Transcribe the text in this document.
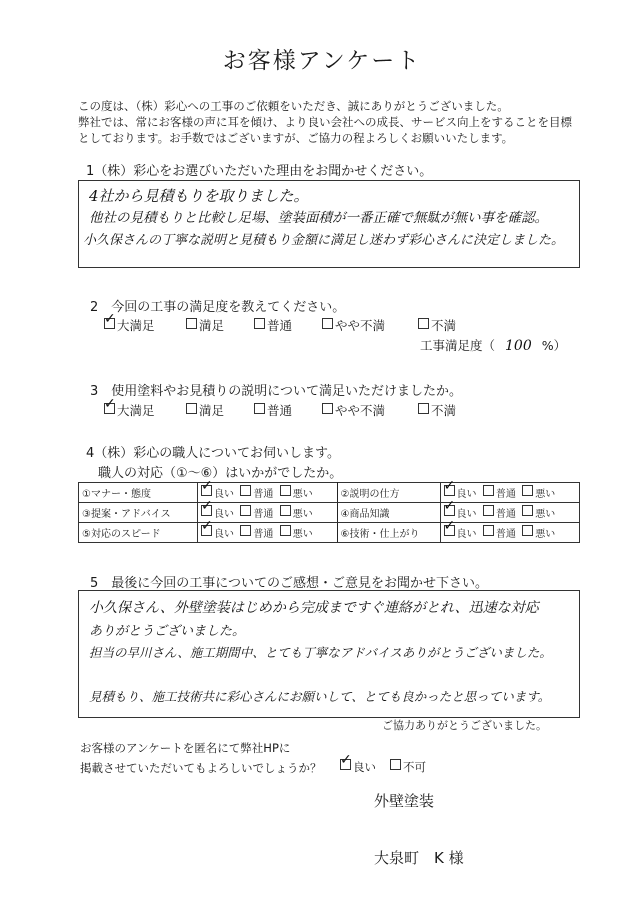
お客様アンケート
この度は、（株）彩心への工事のご依頼をいただき、誠にありがとうございました。
弊社では、常にお客様の声に耳を傾け、より良い会社への成長、サービス向上をすることを目標
としております。お手数ではございますが、ご協力の程よろしくお願いいたします。
1（株）彩心をお選びいただいた理由をお聞かせください。
4社から見積もりを取りました。
他社の見積もりと比較し足場、塗装面積が一番正確で無駄が無い事を確認。
小久保さんの丁寧な説明と見積もり金額に満足し迷わず彩心さんに決定しました。
2　今回の工事の満足度を教えてください。
✓大満足	満足	普通	やや不満	不満
工事満足度（ 100 %）
3　使用塗料やお見積りの説明について満足いただけましたか。
✓大満足	満足	普通	やや不満	不満
4（株）彩心の職人についてお伺いします。
職人の対応（①～⑥）はいかがでしたか。
①マナー・態度	✓良い 普通 悪い	②説明の仕方	✓良い 普通 悪い
③提案・アドバイス	✓良い 普通 悪い	④商品知識	✓良い 普通 悪い
⑤対応のスピード	✓良い 普通 悪い	⑥技術・仕上がり	✓良い 普通 悪い
5　最後に今回の工事についてのご感想・ご意見をお聞かせ下さい。
小久保さん、外壁塗装はじめから完成まですぐ連絡がとれ、迅速な対応
ありがとうございました。
担当の早川さん、施工期間中、とても丁寧なアドバイスありがとうございました。
見積もり、施工技術共に彩心さんにお願いして、とても良かったと思っています。
ご協力ありがとうございました。
お客様のアンケートを匿名にて弊社HPに
掲載させていただいてもよろしいでしょうか？ ✓	良い	不可
外壁塗装
大泉町　K 様
